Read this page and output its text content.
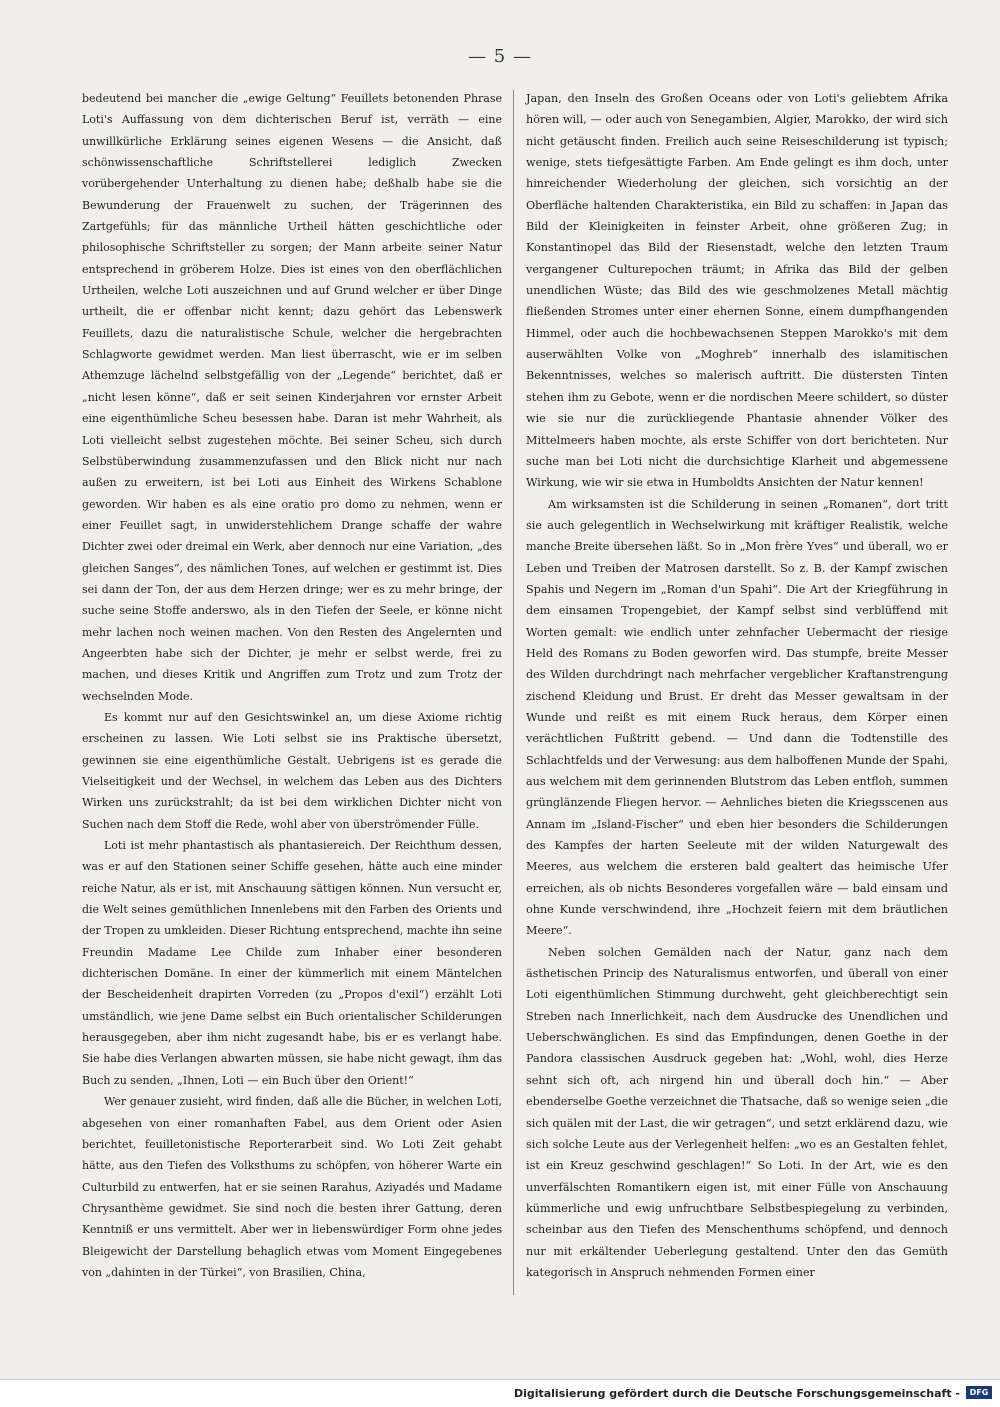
— 5 —

bedeutend bei mancher die „ewige Geltung“ Feuillets betonenden Phrase Loti's Auffassung von dem dichterischen Beruf ist, verräth — eine unwillkürliche Erklärung seines eigenen Wesens — die Ansicht, daß schönwissenschaftliche Schriftstellerei lediglich Zwecken vorübergehender Unterhaltung zu dienen habe; deßhalb habe sie die Bewunderung der Frauenwelt zu suchen, der Trägerinnen des Zartgefühls; für das männliche Urtheil hätten geschichtliche oder philosophische Schriftsteller zu sorgen; der Mann arbeite seiner Natur entsprechend in gröberem Holze. Dies ist eines von den oberflächlichen Urtheilen, welche Loti auszeichnen und auf Grund welcher er über Dinge urtheilt, die er offenbar nicht kennt; dazu gehört das Lebenswerk Feuillets, dazu die naturalistische Schule, welcher die hergebrachten Schlagworte gewidmet werden. Man liest überrascht, wie er im selben Athemzuge lächelnd selbstgefällig von der „Legende“ berichtet, daß er „nicht lesen könne“, daß er seit seinen Kinderjahren vor ernster Arbeit eine eigenthümliche Scheu besessen habe. Daran ist mehr Wahrheit, als Loti vielleicht selbst zugestehen möchte. Bei seiner Scheu, sich durch Selbstüberwindung zusammenzufassen und den Blick nicht nur nach außen zu erweitern, ist bei Loti aus Einheit des Wirkens Schablone geworden. Wir haben es als eine oratio pro domo zu nehmen, wenn er einer Feuillet sagt, in unwiderstehlichem Drange schaffe der wahre Dichter zwei oder dreimal ein Werk, aber dennoch nur eine Variation, „des gleichen Sanges“, des nämlichen Tones, auf welchen er gestimmt ist. Dies sei dann der Ton, der aus dem Herzen dringe; wer es zu mehr bringe, der suche seine Stoffe anderswo, als in den Tiefen der Seele, er könne nicht mehr lachen noch weinen machen. Von den Resten des Angelernten und Angeerbten habe sich der Dichter, je mehr er selbst werde, frei zu machen, und dieses Kritik und Angriffen zum Trotz und zum Trotz der wechselnden Mode.

Es kommt nur auf den Gesichtswinkel an, um diese Axiome richtig erscheinen zu lassen. Wie Loti selbst sie ins Praktische übersetzt, gewinnen sie eine eigenthümliche Gestalt. Uebrigens ist es gerade die Vielseitigkeit und der Wechsel, in welchem das Leben aus des Dichters Wirken uns zurückstrahlt; da ist bei dem wirklichen Dichter nicht von Suchen nach dem Stoff die Rede, wohl aber von überströmender Fülle.

Loti ist mehr phantastisch als phantasiereich. Der Reichthum dessen, was er auf den Stationen seiner Schiffe gesehen, hätte auch eine minder reiche Natur, als er ist, mit Anschauung sättigen können. Nun versucht er, die Welt seines gemüthlichen Innenlebens mit den Farben des Orients und der Tropen zu umkleiden. Dieser Richtung entsprechend, machte ihn seine Freundin Madame Lee Childe zum Inhaber einer besonderen dichterischen Domäne. In einer der kümmerlich mit einem Mäntelchen der Bescheidenheit drapirten Vorreden (zu „Propos d'exil“) erzählt Loti umständlich, wie jene Dame selbst ein Buch orientalischer Schilderungen herausgegeben, aber ihm nicht zugesandt habe, bis er es verlangt habe. Sie habe dies Verlangen abwarten müssen, sie habe nicht gewagt, ihm das Buch zu senden, „Ihnen, Loti — ein Buch über den Orient!“

Wer genauer zusieht, wird finden, daß alle die Bücher, in welchen Loti, abgesehen von einer romanhaften Fabel, aus dem Orient oder Asien berichtet, feuilletonistische Reporterarbeit sind. Wo Loti Zeit gehabt hätte, aus den Tiefen des Volksthums zu schöpfen, von höherer Warte ein Culturbild zu entwerfen, hat er sie seinen Rarahus, Aziyadés und Madame Chrysanthème gewidmet. Sie sind noch die besten ihrer Gattung, deren Kenntniß er uns vermittelt. Aber wer in liebenswürdiger Form ohne jedes Bleigewicht der Darstellung behaglich etwas vom Moment Eingegebenes von „dahinten in der Türkei“, von Brasilien, China,

Japan, den Inseln des Großen Oceans oder von Loti's geliebtem Afrika hören will, — oder auch von Senegambien, Algier, Marokko, der wird sich nicht getäuscht finden. Freilich auch seine Reiseschilderung ist typisch; wenige, stets tiefgesättigte Farben. Am Ende gelingt es ihm doch, unter hinreichender Wiederholung der gleichen, sich vorsichtig an der Oberfläche haltenden Charakteristika, ein Bild zu schaffen: in Japan das Bild der Kleinigkeiten in feinster Arbeit, ohne größeren Zug; in Konstantinopel das Bild der Riesenstadt, welche den letzten Traum vergangener Culturepochen träumt; in Afrika das Bild der gelben unendlichen Wüste; das Bild des wie geschmolzenes Metall mächtig fließenden Stromes unter einer ehernen Sonne, einem dumpfhangenden Himmel, oder auch die hochbewachsenen Steppen Marokko's mit dem auserwählten Volke von „Moghreb“ innerhalb des islamitischen Bekenntnisses, welches so malerisch auftritt. Die düstersten Tinten stehen ihm zu Gebote, wenn er die nordischen Meere schildert, so düster wie sie nur die zurückliegende Phantasie ahnender Völker des Mittelmeers haben mochte, als erste Schiffer von dort berichteten. Nur suche man bei Loti nicht die durchsichtige Klarheit und abgemessene Wirkung, wie wir sie etwa in Humboldts Ansichten der Natur kennen!

Am wirksamsten ist die Schilderung in seinen „Romanen“, dort tritt sie auch gelegentlich in Wechselwirkung mit kräftiger Realistik, welche manche Breite übersehen läßt. So in „Mon frère Yves“ und überall, wo er Leben und Treiben der Matrosen darstellt. So z. B. der Kampf zwischen Spahis und Negern im „Roman d'un Spahi“. Die Art der Kriegführung in dem einsamen Tropengebiet, der Kampf selbst sind verblüffend mit Worten gemalt: wie endlich unter zehnfacher Uebermacht der riesige Held des Romans zu Boden geworfen wird. Das stumpfe, breite Messer des Wilden durchdringt nach mehrfacher vergeblicher Kraftanstrengung zischend Kleidung und Brust. Er dreht das Messer gewaltsam in der Wunde und reißt es mit einem Ruck heraus, dem Körper einen verächtlichen Fußtritt gebend. — Und dann die Todtenstille des Schlachtfelds und der Verwesung: aus dem halboffenen Munde der Spahi, aus welchem mit dem gerinnenden Blutstrom das Leben entfloh, summen grünglänzende Fliegen hervor. — Aehnliches bieten die Kriegsscenen aus Annam im „Island-Fischer“ und eben hier besonders die Schilderungen des Kampfes der harten Seeleute mit der wilden Naturgewalt des Meeres, aus welchem die ersteren bald gealtert das heimische Ufer erreichen, als ob nichts Besonderes vorgefallen wäre — bald einsam und ohne Kunde verschwindend, ihre „Hochzeit feiern mit dem bräutlichen Meere“.

Neben solchen Gemälden nach der Natur, ganz nach dem ästhetischen Princip des Naturalismus entworfen, und überall von einer Loti eigenthümlichen Stimmung durchweht, geht gleichberechtigt sein Streben nach Innerlichkeit, nach dem Ausdrucke des Unendlichen und Ueberschwänglichen. Es sind das Empfindungen, denen Goethe in der Pandora classischen Ausdruck gegeben hat: „Wohl, wohl, dies Herze sehnt sich oft, ach nirgend hin und überall doch hin.“ — Aber ebenderselbe Goethe verzeichnet die Thatsache, daß so wenige seien „die sich quälen mit der Last, die wir getragen“, und setzt erklärend dazu, wie sich solche Leute aus der Verlegenheit helfen: „wo es an Gestalten fehlet, ist ein Kreuz geschwind geschlagen!“ So Loti. In der Art, wie es den unverfälschten Romantikern eigen ist, mit einer Fülle von Anschauung kümmerliche und ewig unfruchtbare Selbstbespiegelung zu verbinden, scheinbar aus den Tiefen des Menschenthums schöpfend, und dennoch nur mit erkältender Ueberlegung gestaltend. Unter den das Gemüth kategorisch in Anspruch nehmenden Formen einer

Digitalisierung gefördert durch die Deutsche Forschungsgemeinschaft -	DFG
